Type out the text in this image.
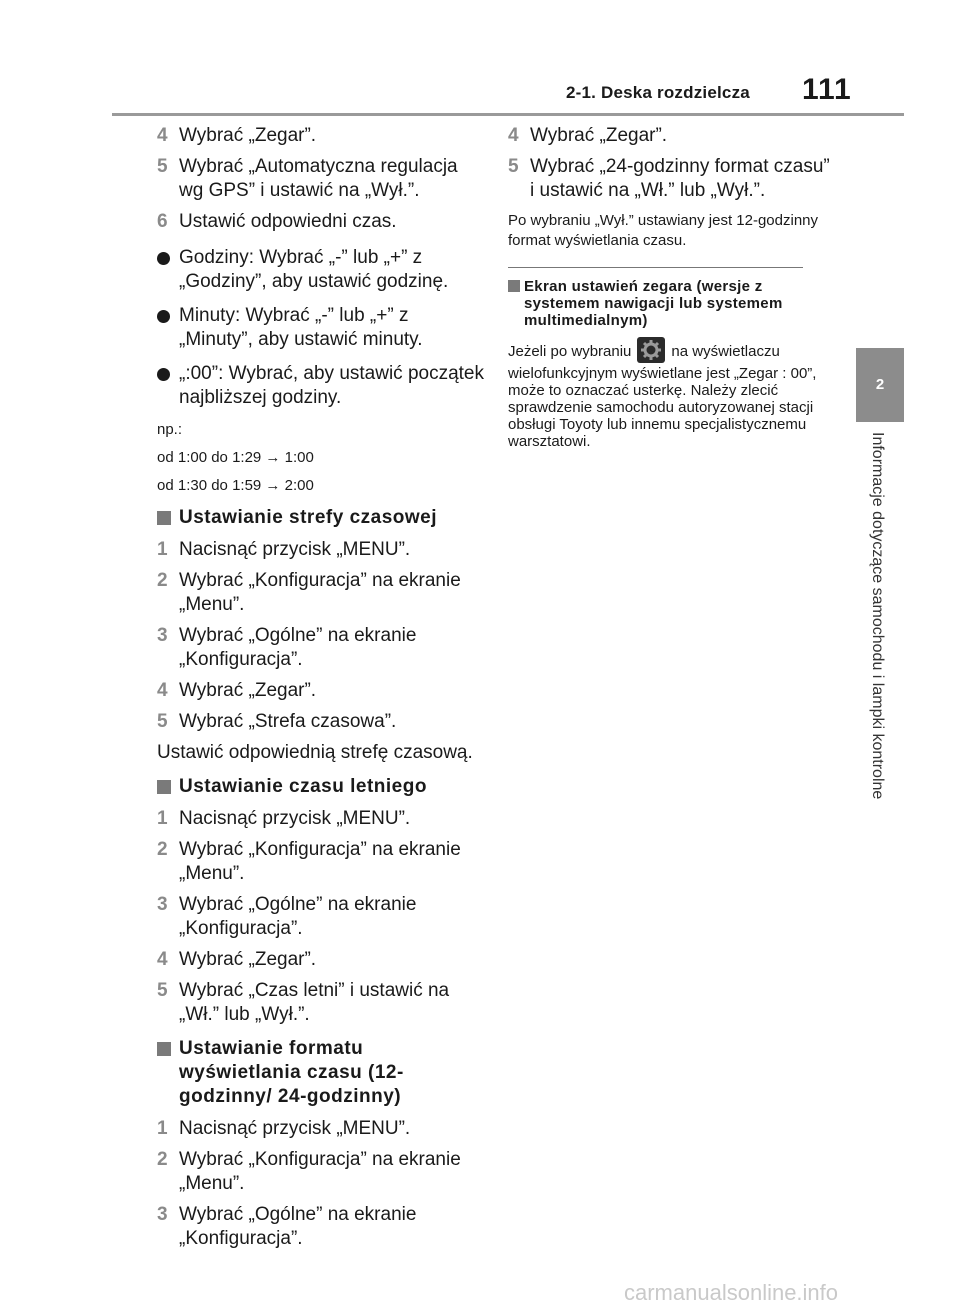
2-1. Deska rozdzielcza 111
2
Informacje dotyczące samochodu i lampki kontrolne
4 Wybrać „Zegar”.
5 Wybrać „Automatyczna regulacja wg GPS” i ustawić na „Wył.”.
6 Ustawić odpowiedni czas.
Godziny: Wybrać „-” lub „+” z „Godziny”, aby ustawić godzinę.
Minuty: Wybrać „-” lub „+” z „Minuty”, aby ustawić minuty.
„:00”: Wybrać, aby ustawić początek najbliższej godziny.
np.:
od 1:00 do 1:29 → 1:00
od 1:30 do 1:59 → 2:00
Ustawianie strefy czasowej
1 Nacisnąć przycisk „MENU”.
2 Wybrać „Konfiguracja” na ekranie „Menu”.
3 Wybrać „Ogólne” na ekranie „Konfiguracja”.
4 Wybrać „Zegar”.
5 Wybrać „Strefa czasowa”.
Ustawić odpowiednią strefę czasową.
Ustawianie czasu letniego
1 Nacisnąć przycisk „MENU”.
2 Wybrać „Konfiguracja” na ekranie „Menu”.
3 Wybrać „Ogólne” na ekranie „Konfiguracja”.
4 Wybrać „Zegar”.
5 Wybrać „Czas letni” i ustawić na „Wł.” lub „Wył.”.
Ustawianie formatu wyświetlania czasu (12-godzinny/ 24-godzinny)
1 Nacisnąć przycisk „MENU”.
2 Wybrać „Konfiguracja” na ekranie „Menu”.
3 Wybrać „Ogólne” na ekranie „Konfiguracja”.
4 Wybrać „Zegar”.
5 Wybrać „24-godzinny format czasu” i ustawić na „Wł.” lub „Wył.”.
Po wybraniu „Wył.” ustawiany jest 12-godzinny format wyświetlania czasu.
Ekran ustawień zegara (wersje z systemem nawigacji lub systemem multimedialnym)
Jeżeli po wybraniu	na wyświetlaczu wielofunkcyjnym wyświetlane jest „Zegar : 00”, może to oznaczać usterkę. Należy zlecić sprawdzenie samochodu autoryzowanej stacji obsługi Toyoty lub innemu specjalistycznemu warsztatowi.
carmanualsonline.info
